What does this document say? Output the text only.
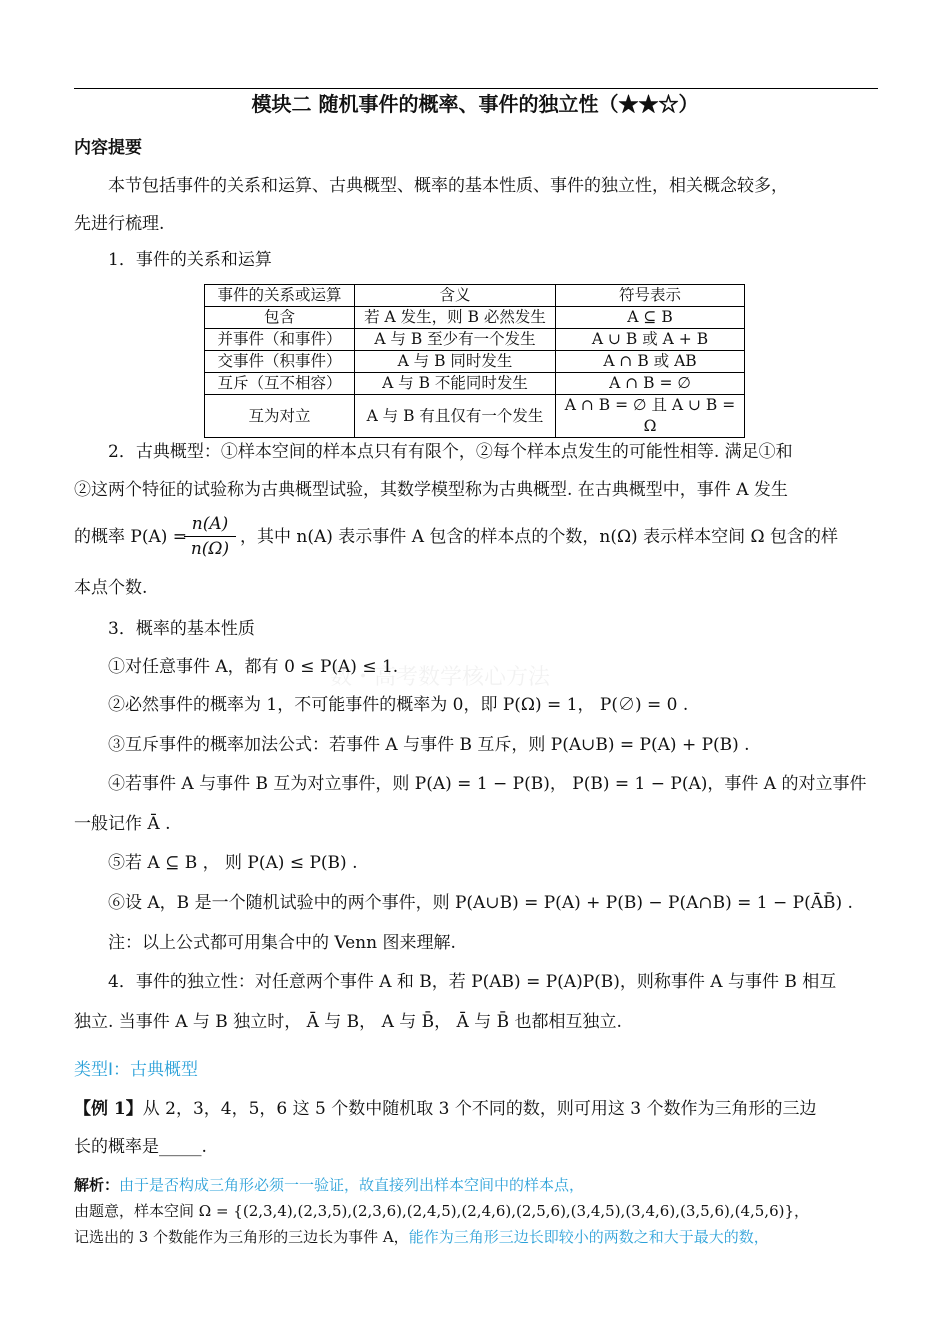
模块二 随机事件的概率、事件的独立性（★★☆）
内容提要
本节包括事件的关系和运算、古典概型、概率的基本性质、事件的独立性，相关概念较多，
先进行梳理.
1．事件的关系和运算
事件的关系或运算	含义	符号表示
包含	若 A 发生，则 B 必然发生	A ⊆ B
并事件（和事件）	A 与 B 至少有一个发生	A ∪ B 或 A + B
交事件（积事件）	A 与 B 同时发生	A ∩ B 或 AB
互斥（互不相容）	A 与 B 不能同时发生	A ∩ B = ∅
互为对立	A 与 B 有且仅有一个发生	A ∩ B = ∅ 且 A ∪ B = Ω
2．古典概型：①样本空间的样本点只有有限个，②每个样本点发生的可能性相等. 满足①和
②这两个特征的试验称为古典概型试验，其数学模型称为古典概型. 在古典概型中，事件 A 发生
的概率 P(A) =
n(A)
n(Ω)
，其中 n(A) 表示事件 A 包含的样本点的个数，n(Ω) 表示样本空间 Ω 包含的样
本点个数.
3．概率的基本性质
数・高考数学核心方法
①对任意事件 A，都有 0 ≤ P(A) ≤ 1.
②必然事件的概率为 1，不可能事件的概率为 0，即 P(Ω) = 1， P(∅) = 0 .
③互斥事件的概率加法公式：若事件 A 与事件 B 互斥，则 P(A∪B) = P(A) + P(B) .
④若事件 A 与事件 B 互为对立事件，则 P(A) = 1 − P(B)， P(B) = 1 − P(A)，事件 A 的对立事件
一般记作 Ā .
⑤若 A ⊆ B ， 则 P(A) ≤ P(B) .
⑥设 A，B 是一个随机试验中的两个事件，则 P(A∪B) = P(A) + P(B) − P(A∩B) = 1 − P(ĀB̄) .
注：以上公式都可用集合中的 Venn 图来理解.
4．事件的独立性：对任意两个事件 A 和 B，若 P(AB) = P(A)P(B)，则称事件 A 与事件 B 相互
独立. 当事件 A 与 B 独立时， Ā 与 B， A 与 B̄， Ā 与 B̄ 也都相互独立.
类型Ⅰ：古典概型
【例 1】从 2，3，4，5，6 这 5 个数中随机取 3 个不同的数，则可用这 3 个数作为三角形的三边
长的概率是_____.
解析：由于是否构成三角形必须一一验证，故直接列出样本空间中的样本点，
由题意，样本空间 Ω = {(2,3,4),(2,3,5),(2,3,6),(2,4,5),(2,4,6),(2,5,6),(3,4,5),(3,4,6),(3,5,6),(4,5,6)}，
记选出的 3 个数能作为三角形的三边长为事件 A，能作为三角形三边长即较小的两数之和大于最大的数，
